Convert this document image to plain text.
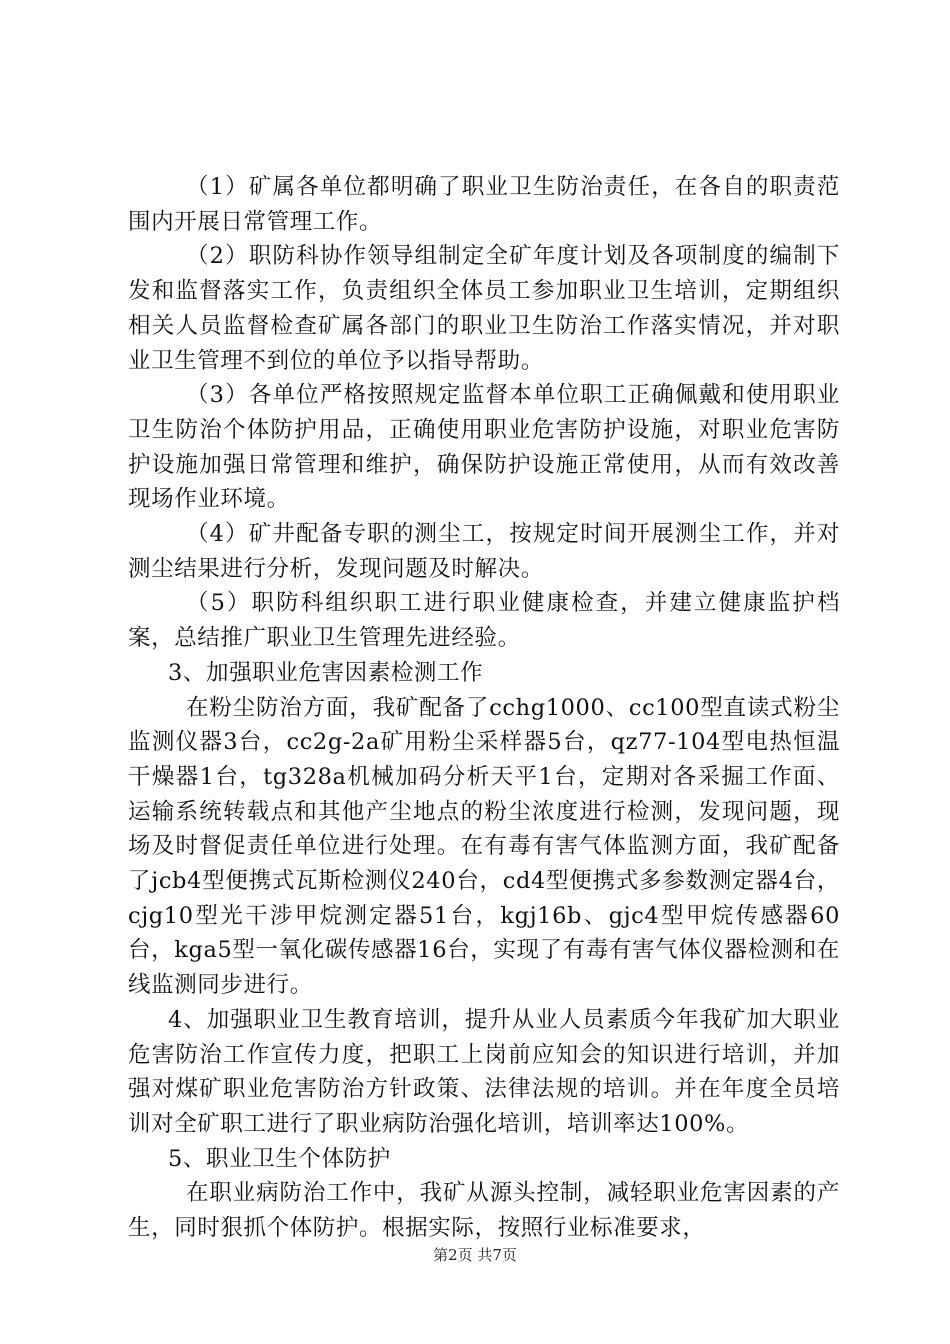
（1）矿属各单位都明确了职业卫生防治责任，在各自的职责范围内开展日常管理工作。

（2）职防科协作领导组制定全矿年度计划及各项制度的编制下发和监督落实工作，负责组织全体员工参加职业卫生培训，定期组织相关人员监督检查矿属各部门的职业卫生防治工作落实情况，并对职业卫生管理不到位的单位予以指导帮助。

（3）各单位严格按照规定监督本单位职工正确佩戴和使用职业卫生防治个体防护用品，正确使用职业危害防护设施，对职业危害防护设施加强日常管理和维护，确保防护设施正常使用，从而有效改善现场作业环境。

（4）矿井配备专职的测尘工，按规定时间开展测尘工作，并对测尘结果进行分析，发现问题及时解决。

（5）职防科组织职工进行职业健康检查，并建立健康监护档案，总结推广职业卫生管理先进经验。

3、加强职业危害因素检测工作

在粉尘防治方面，我矿配备了cchg1000、cc100型直读式粉尘监测仪器3台，cc2g-2a矿用粉尘采样器5台，qz77-104型电热恒温干燥器1台，tg328a机械加码分析天平1台，定期对各采掘工作面、运输系统转载点和其他产尘地点的粉尘浓度进行检测，发现问题，现场及时督促责任单位进行处理。在有毒有害气体监测方面，我矿配备了jcb4型便携式瓦斯检测仪240台，cd4型便携式多参数测定器4台，cjg10型光干涉甲烷测定器51台，kgj16b、gjc4型甲烷传感器60台，kga5型一氧化碳传感器16台，实现了有毒有害气体仪器检测和在线监测同步进行。

4、加强职业卫生教育培训，提升从业人员素质今年我矿加大职业危害防治工作宣传力度，把职工上岗前应知会的知识进行培训，并加强对煤矿职业危害防治方针政策、法律法规的培训。并在年度全员培训对全矿职工进行了职业病防治强化培训，培训率达100%。

5、职业卫生个体防护

在职业病防治工作中，我矿从源头控制，减轻职业危害因素的产生，同时狠抓个体防护。根据实际，按照行业标准要求，

第2页 共7页
